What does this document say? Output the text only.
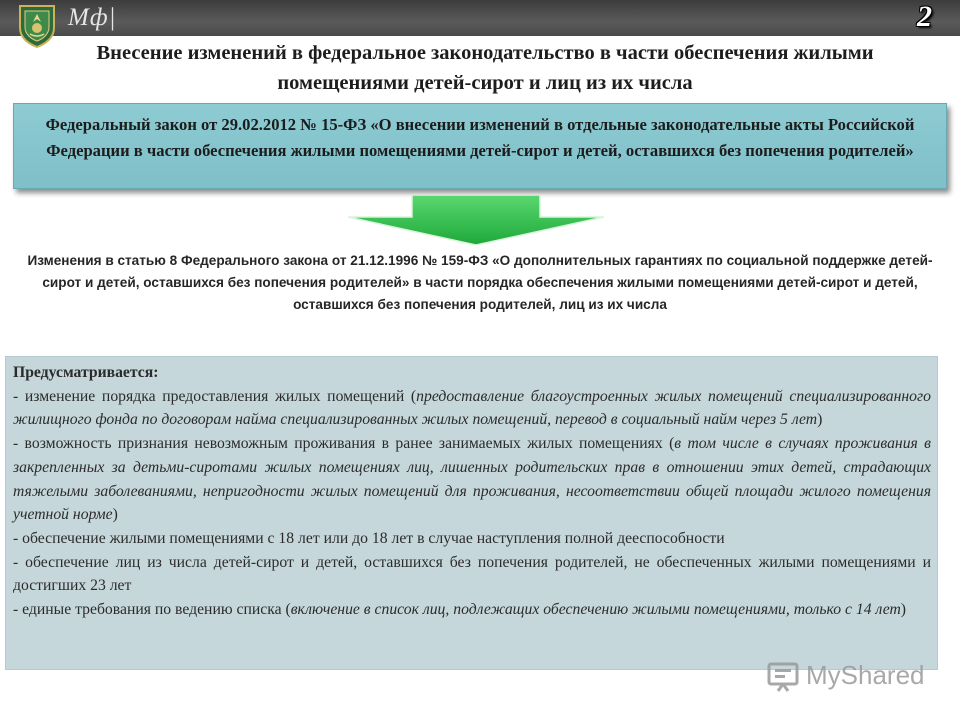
Мф|	2
Внесение изменений в федеральное законодательство в части обеспечения жилыми помещениями детей-сирот и лиц из их числа
Федеральный закон от 29.02.2012 № 15-ФЗ «О внесении изменений в отдельные законодательные акты Российской Федерации в части обеспечения жилыми помещениями детей-сирот и детей, оставшихся без попечения родителей»
Изменения в статью 8 Федерального закона от 21.12.1996 № 159-ФЗ «О дополнительных гарантиях по социальной поддержке детей-сирот и детей, оставшихся без попечения родителей» в части порядка обеспечения жилыми помещениями детей-сирот и детей, оставшихся без попечения родителей, лиц из их числа
Предусматривается:

- изменение порядка предоставления жилых помещений (предоставление благоустроенных жилых помещений специализированного жилищного фонда по договорам найма специализированных жилых помещений, перевод в социальный найм через 5 лет)

- возможность признания невозможным проживания в ранее занимаемых жилых помещениях (в том числе в случаях проживания в закрепленных за детьми-сиротами жилых помещениях лиц, лишенных родительских прав в отношении этих детей, страдающих тяжелыми заболеваниями, непригодности жилых помещений для проживания, несоответствии общей площади жилого помещения учетной норме)

- обеспечение жилыми помещениями с 18 лет или до 18 лет в случае наступления полной дееспособности

- обеспечение лиц из числа детей-сирот и детей, оставшихся без попечения родителей, не обеспеченных жилыми помещениями и достигших 23 лет

- единые требования по ведению списка (включение в список лиц, подлежащих обеспечению жилыми помещениями, только с 14 лет)

MyShared
